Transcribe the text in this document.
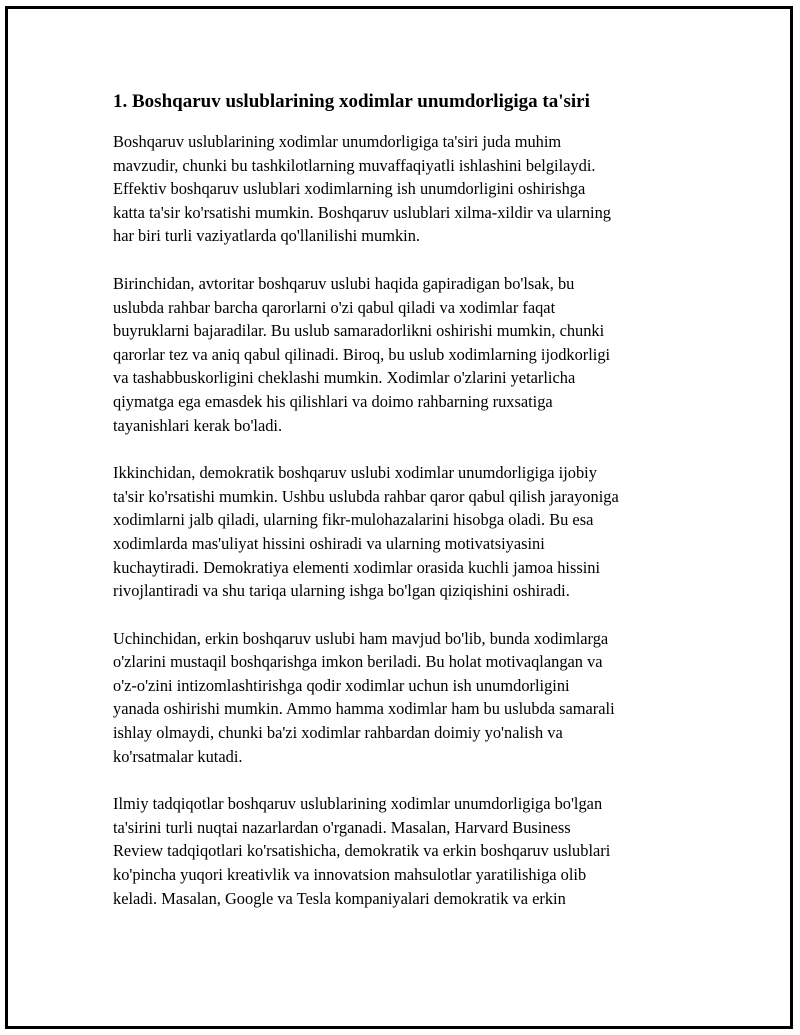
1. Boshqaruv uslublarining xodimlar unumdorligiga ta'siri

Boshqaruv uslublarining xodimlar unumdorligiga ta'siri juda muhim
mavzudir, chunki bu tashkilotlarning muvaffaqiyatli ishlashini belgilaydi.
Effektiv boshqaruv uslublari xodimlarning ish unumdorligini oshirishga
katta ta'sir ko'rsatishi mumkin. Boshqaruv uslublari xilma-xildir va ularning
har biri turli vaziyatlarda qo'llanilishi mumkin.

Birinchidan, avtoritar boshqaruv uslubi haqida gapiradigan bo'lsak, bu
uslubda rahbar barcha qarorlarni o'zi qabul qiladi va xodimlar faqat
buyruklarni bajaradilar. Bu uslub samaradorlikni oshirishi mumkin, chunki
qarorlar tez va aniq qabul qilinadi. Biroq, bu uslub xodimlarning ijodkorligi
va tashabbuskorligini cheklashi mumkin. Xodimlar o'zlarini yetarlicha
qiymatga ega emasdek his qilishlari va doimo rahbarning ruxsatiga
tayanishlari kerak bo'ladi.

Ikkinchidan, demokratik boshqaruv uslubi xodimlar unumdorligiga ijobiy
ta'sir ko'rsatishi mumkin. Ushbu uslubda rahbar qaror qabul qilish jarayoniga
xodimlarni jalb qiladi, ularning fikr-mulohazalarini hisobga oladi. Bu esa
xodimlarda mas'uliyat hissini oshiradi va ularning motivatsiyasini
kuchaytiradi. Demokratiya elementi xodimlar orasida kuchli jamoa hissini
rivojlantiradi va shu tariqa ularning ishga bo'lgan qiziqishini oshiradi.

Uchinchidan, erkin boshqaruv uslubi ham mavjud bo'lib, bunda xodimlarga
o'zlarini mustaqil boshqarishga imkon beriladi. Bu holat motivaqlangan va
o'z-o'zini intizomlashtirishga qodir xodimlar uchun ish unumdorligini
yanada oshirishi mumkin. Ammo hamma xodimlar ham bu uslubda samarali
ishlay olmaydi, chunki ba'zi xodimlar rahbardan doimiy yo'nalish va
ko'rsatmalar kutadi.

Ilmiy tadqiqotlar boshqaruv uslublarining xodimlar unumdorligiga bo'lgan
ta'sirini turli nuqtai nazarlardan o'rganadi. Masalan, Harvard Business
Review tadqiqotlari ko'rsatishicha, demokratik va erkin boshqaruv uslublari
ko'pincha yuqori kreativlik va innovatsion mahsulotlar yaratilishiga olib
keladi. Masalan, Google va Tesla kompaniyalari demokratik va erkin
